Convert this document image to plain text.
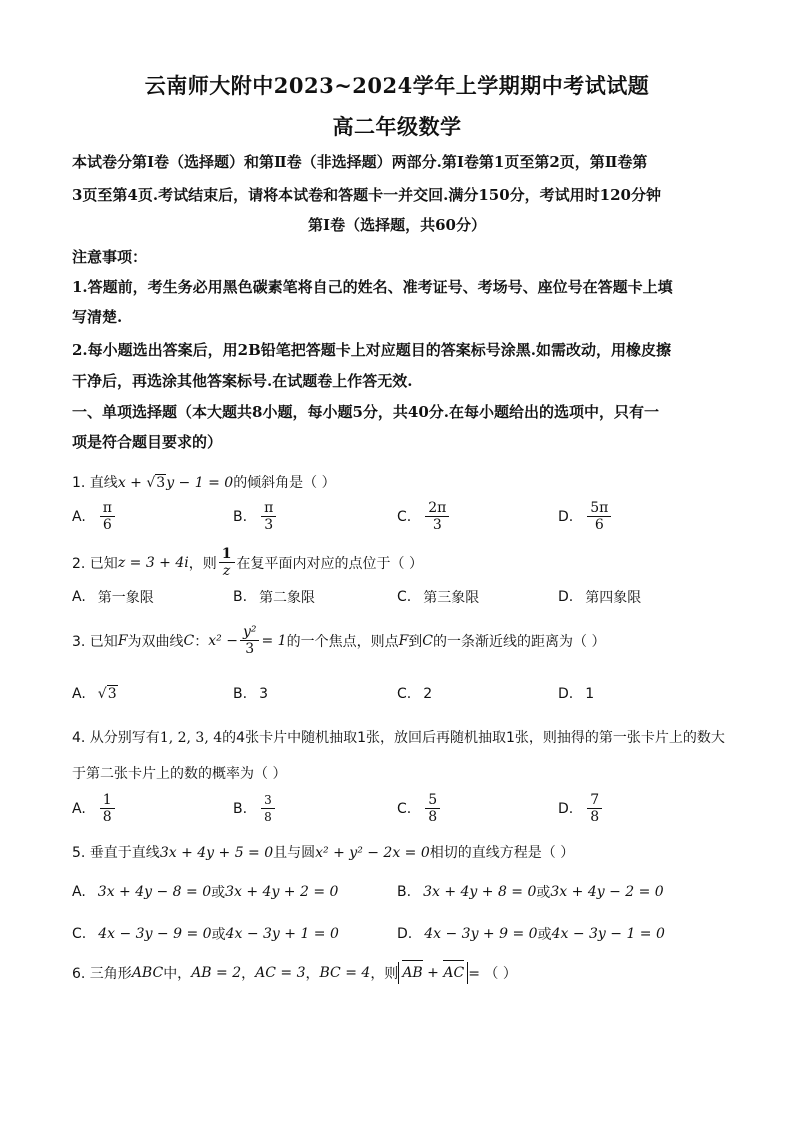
云南师大附中2023~2024学年上学期期中考试试题
高二年级数学
本试卷分第Ⅰ卷（选择题）和第Ⅱ卷（非选择题）两部分.第Ⅰ卷第1页至第2页，第Ⅱ卷第
3页至第4页.考试结束后，请将本试卷和答题卡一并交回.满分150分，考试用时120分钟
第Ⅰ卷（选择题，共60分）
注意事项：
1.答题前，考生务必用黑色碳素笔将自己的姓名、准考证号、考场号、座位号在答题卡上填
写清楚.
2.每小题选出答案后，用2B铅笔把答题卡上对应题目的答案标号涂黑.如需改动，用橡皮擦
干净后，再选涂其他答案标号.在试题卷上作答无效.
一、单项选择题（本大题共8小题，每小题5分，共40分.在每小题给出的选项中，只有一
项是符合题目要求的）
1. 直线x + √3y − 1 = 0的倾斜角是（ ）
A. $\frac{\pi}{6}$	B. $\frac{\pi}{3}$	C. $\frac{2\pi}{3}$	D. $\frac{5\pi}{6}$
2. 已知 z = 3 + 4i ，则 $\frac{1}{z}$ 在复平面内对应的点位于（ ）
A. 第一象限	B. 第二象限	C. 第三象限	D. 第四象限
3. 已知 F 为双曲线 C ： $x^2 - \frac{\text{y²}}{3} = 1$ 的一个焦点，则点 F 到 C 的一条渐近线的距离为（ ）
A. √3	B. 3	C. 2	D. 1
4. 从分别写有1, 2, 3, 4的4张卡片中随机抽取1张，放回后再随机抽取1张，则抽得的第一张卡片上的数大
于第二张卡片上的数的概率为（ ）
A. $\frac{1}{8}$	B. $\frac{3}{8}$	C. $\frac{5}{8}$	D. $\frac{7}{8}$
5. 垂直于直线3x + 4y + 5 = 0且与圆x² + y² − 2x = 0相切的直线方程是（ ）
A. 3x + 4y − 8 = 0 或 3x + 4y + 2 = 0	B. 3x + 4y + 8 = 0 或 3x + 4y − 2 = 0
C. 4x − 3y − 9 = 0 或 4x − 3y + 1 = 0	D. 4x − 3y + 9 = 0 或 4x − 3y − 1 = 0
6. 三角形 ABC 中， AB = 2 ， AC = 3 ， BC = 4 ，则 AB + AC = （ ）
